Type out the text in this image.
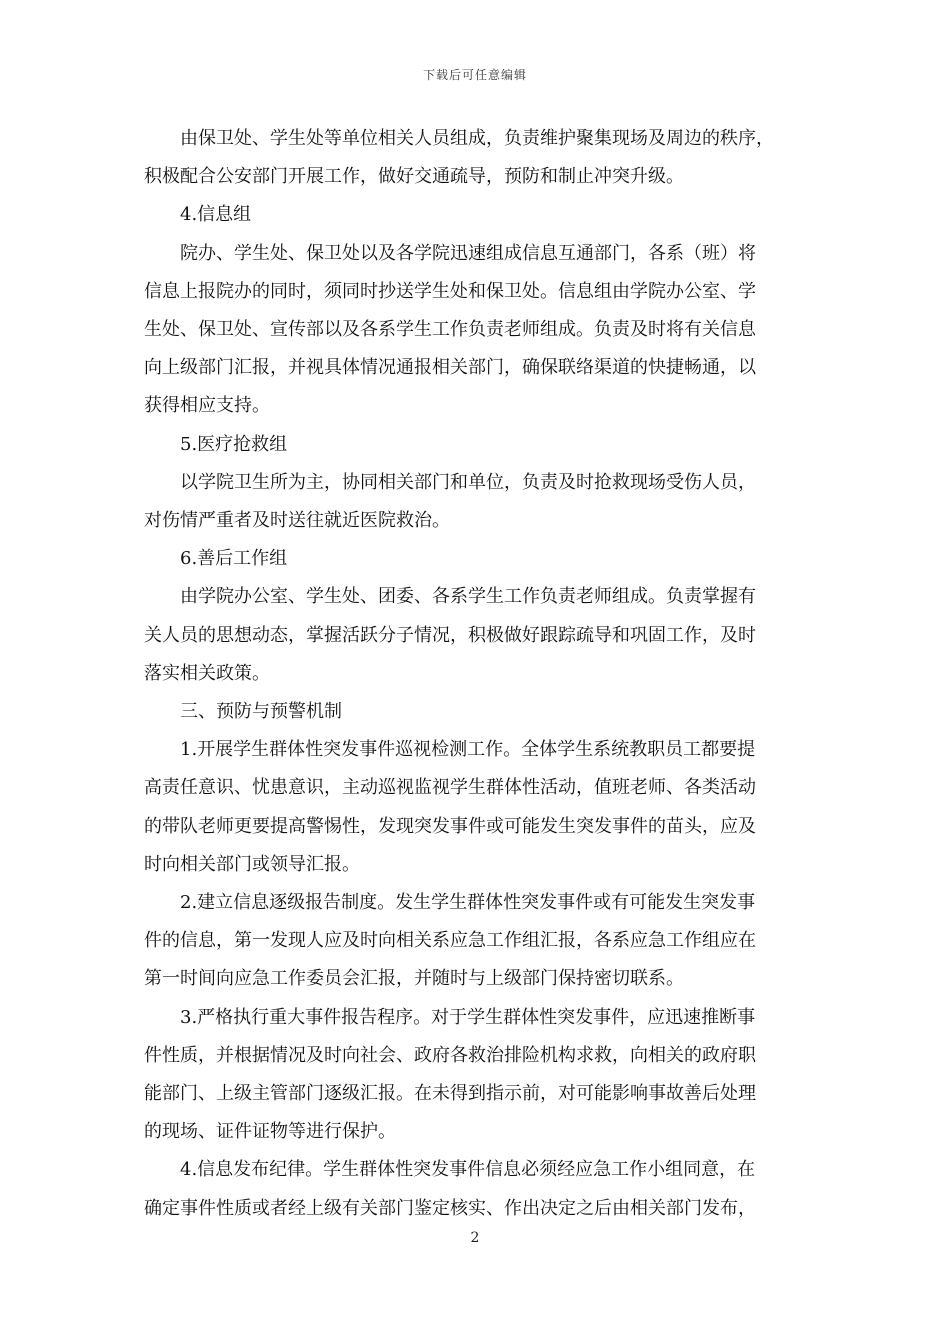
下载后可任意编辑

由保卫处、学生处等单位相关人员组成，负责维护聚集现场及周边的秩序，
积极配合公安部门开展工作，做好交通疏导，预防和制止冲突升级。

4.信息组

院办、学生处、保卫处以及各学院迅速组成信息互通部门，各系（班）将
信息上报院办的同时，须同时抄送学生处和保卫处。信息组由学院办公室、学
生处、保卫处、宣传部以及各系学生工作负责老师组成。负责及时将有关信息
向上级部门汇报，并视具体情况通报相关部门，确保联络渠道的快捷畅通，以
获得相应支持。

5.医疗抢救组

以学院卫生所为主，协同相关部门和单位，负责及时抢救现场受伤人员，
对伤情严重者及时送往就近医院救治。

6.善后工作组

由学院办公室、学生处、团委、各系学生工作负责老师组成。负责掌握有
关人员的思想动态，掌握活跃分子情况，积极做好跟踪疏导和巩固工作，及时
落实相关政策。

三、预防与预警机制

1.开展学生群体性突发事件巡视检测工作。全体学生系统教职员工都要提
高责任意识、忧患意识，主动巡视监视学生群体性活动，值班老师、各类活动
的带队老师更要提高警惕性，发现突发事件或可能发生突发事件的苗头，应及
时向相关部门或领导汇报。

2.建立信息逐级报告制度。发生学生群体性突发事件或有可能发生突发事
件的信息，第一发现人应及时向相关系应急工作组汇报，各系应急工作组应在
第一时间向应急工作委员会汇报，并随时与上级部门保持密切联系。

3.严格执行重大事件报告程序。对于学生群体性突发事件，应迅速推断事
件性质，并根据情况及时向社会、政府各救治排险机构求救，向相关的政府职
能部门、上级主管部门逐级汇报。在未得到指示前，对可能影响事故善后处理
的现场、证件证物等进行保护。

4.信息发布纪律。学生群体性突发事件信息必须经应急工作小组同意，在
确定事件性质或者经上级有关部门鉴定核实、作出决定之后由相关部门发布，

2
